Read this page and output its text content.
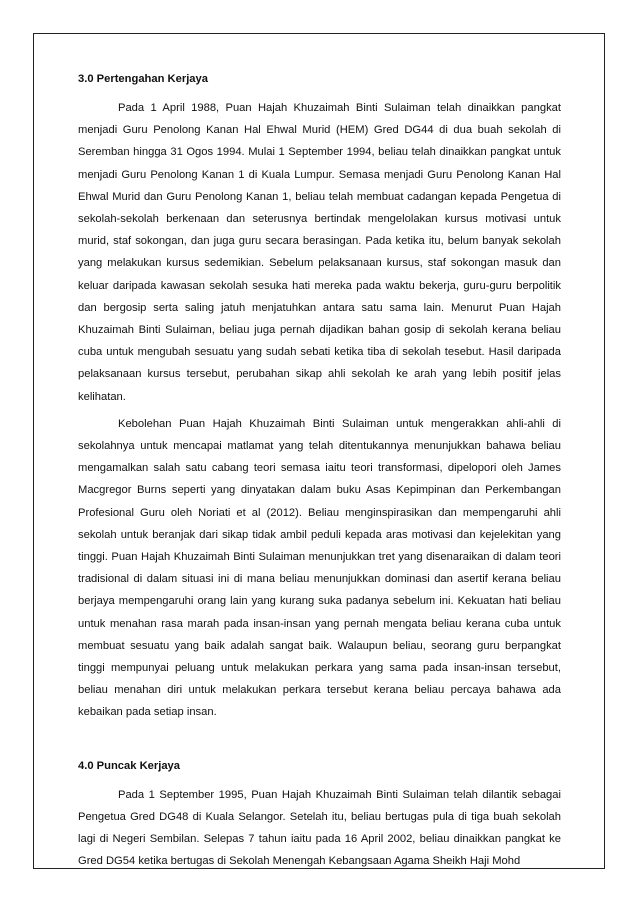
3.0 Pertengahan Kerjaya

Pada 1 April 1988, Puan Hajah Khuzaimah Binti Sulaiman telah dinaikkan pangkat menjadi Guru Penolong Kanan Hal Ehwal Murid (HEM) Gred DG44 di dua buah sekolah di Seremban hingga 31 Ogos 1994. Mulai 1 September 1994, beliau telah dinaikkan pangkat untuk menjadi Guru Penolong Kanan 1 di Kuala Lumpur. Semasa menjadi Guru Penolong Kanan Hal Ehwal Murid dan Guru Penolong Kanan 1, beliau telah membuat cadangan kepada Pengetua di sekolah-sekolah berkenaan dan seterusnya bertindak mengelolakan kursus motivasi untuk murid, staf sokongan, dan juga guru secara berasingan. Pada ketika itu, belum banyak sekolah yang melakukan kursus sedemikian. Sebelum pelaksanaan kursus, staf sokongan masuk dan keluar daripada kawasan sekolah sesuka hati mereka pada waktu bekerja, guru-guru berpolitik dan bergosip serta saling jatuh menjatuhkan antara satu sama lain. Menurut Puan Hajah Khuzaimah Binti Sulaiman, beliau juga pernah dijadikan bahan gosip di sekolah kerana beliau cuba untuk mengubah sesuatu yang sudah sebati ketika tiba di sekolah tesebut. Hasil daripada pelaksanaan kursus tersebut, perubahan sikap ahli sekolah ke arah yang lebih positif jelas kelihatan.

Kebolehan Puan Hajah Khuzaimah Binti Sulaiman untuk mengerakkan ahli-ahli di sekolahnya untuk mencapai matlamat yang telah ditentukannya menunjukkan bahawa beliau mengamalkan salah satu cabang teori semasa iaitu teori transformasi, dipelopori oleh James Macgregor Burns seperti yang dinyatakan dalam buku Asas Kepimpinan dan Perkembangan Profesional Guru oleh Noriati et al (2012). Beliau menginspirasikan dan mempengaruhi ahli sekolah untuk beranjak dari sikap tidak ambil peduli kepada aras motivasi dan kejelekitan yang tinggi. Puan Hajah Khuzaimah Binti Sulaiman menunjukkan tret yang disenaraikan di dalam teori tradisional di dalam situasi ini di mana beliau menunjukkan dominasi dan asertif kerana beliau berjaya mempengaruhi orang lain yang kurang suka padanya sebelum ini. Kekuatan hati beliau untuk menahan rasa marah pada insan-insan yang pernah mengata beliau kerana cuba untuk membuat sesuatu yang baik adalah sangat baik. Walaupun beliau, seorang guru berpangkat tinggi mempunyai peluang untuk melakukan perkara yang sama pada insan-insan tersebut, beliau menahan diri untuk melakukan perkara tersebut kerana beliau percaya bahawa ada kebaikan pada setiap insan.

4.0 Puncak Kerjaya

Pada 1 September 1995, Puan Hajah Khuzaimah Binti Sulaiman telah dilantik sebagai Pengetua Gred DG48 di Kuala Selangor. Setelah itu, beliau bertugas pula di tiga buah sekolah lagi di Negeri Sembilan. Selepas 7 tahun iaitu pada 16 April 2002, beliau dinaikkan pangkat ke Gred DG54 ketika bertugas di Sekolah Menengah Kebangsaan Agama Sheikh Haji Mohd
